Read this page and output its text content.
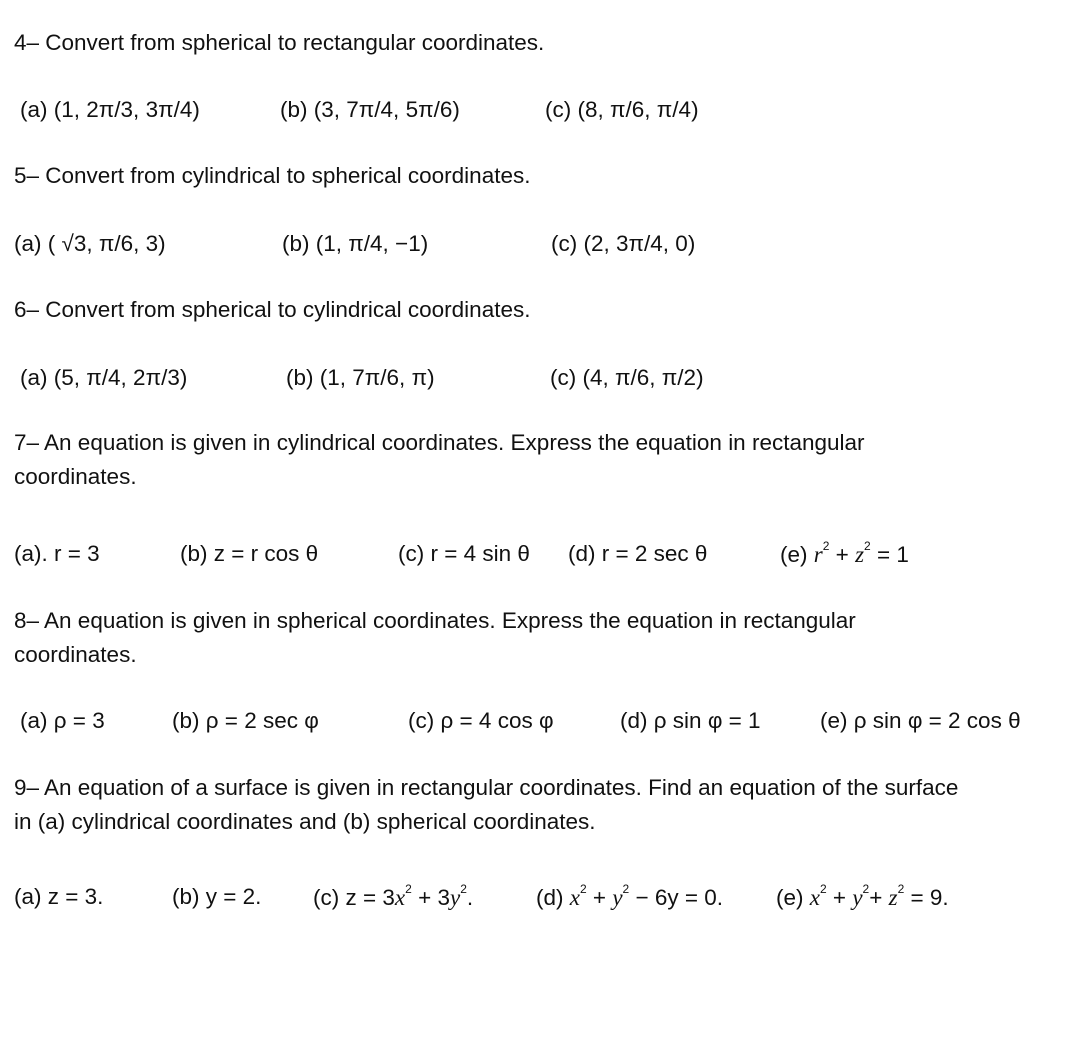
4– Convert from spherical to rectangular coordinates.
(a) (1, 2π/3, 3π/4)	(b) (3, 7π/4, 5π/6)	(c) (8, π/6, π/4)
5– Convert from cylindrical to spherical coordinates.
(a) ( √3, π/6, 3)	(b) (1, π/4, −1)	(c) (2, 3π/4, 0)
6– Convert from spherical to cylindrical coordinates.
(a) (5, π/4, 2π/3)	(b) (1, 7π/6, π)	(c) (4, π/6, π/2)
7– An equation is given in cylindrical coordinates. Express the equation in rectangular
coordinates.
(a). r = 3	(b) z = r cos θ	(c) r = 4 sin θ (d) r = 2 sec θ	(e) $r^2 + z^2 = 1$
8– An equation is given in spherical coordinates. Express the equation in rectangular
coordinates.
(a) ρ = 3	(b) ρ = 2 sec φ	(c) ρ = 4 cos φ	(d) ρ sin φ = 1	(e) ρ sin φ = 2 cos θ
9– An equation of a surface is given in rectangular coordinates. Find an equation of the surface
in (a) cylindrical coordinates and (b) spherical coordinates.
(a) z = 3.	(b) y = 2. (c) $z = 3x^2 + 3y^2$.	(d) $x^2 + y^2 - 6y = 0$. (e) $x^2 + y^2+ z^2 = 9$.
